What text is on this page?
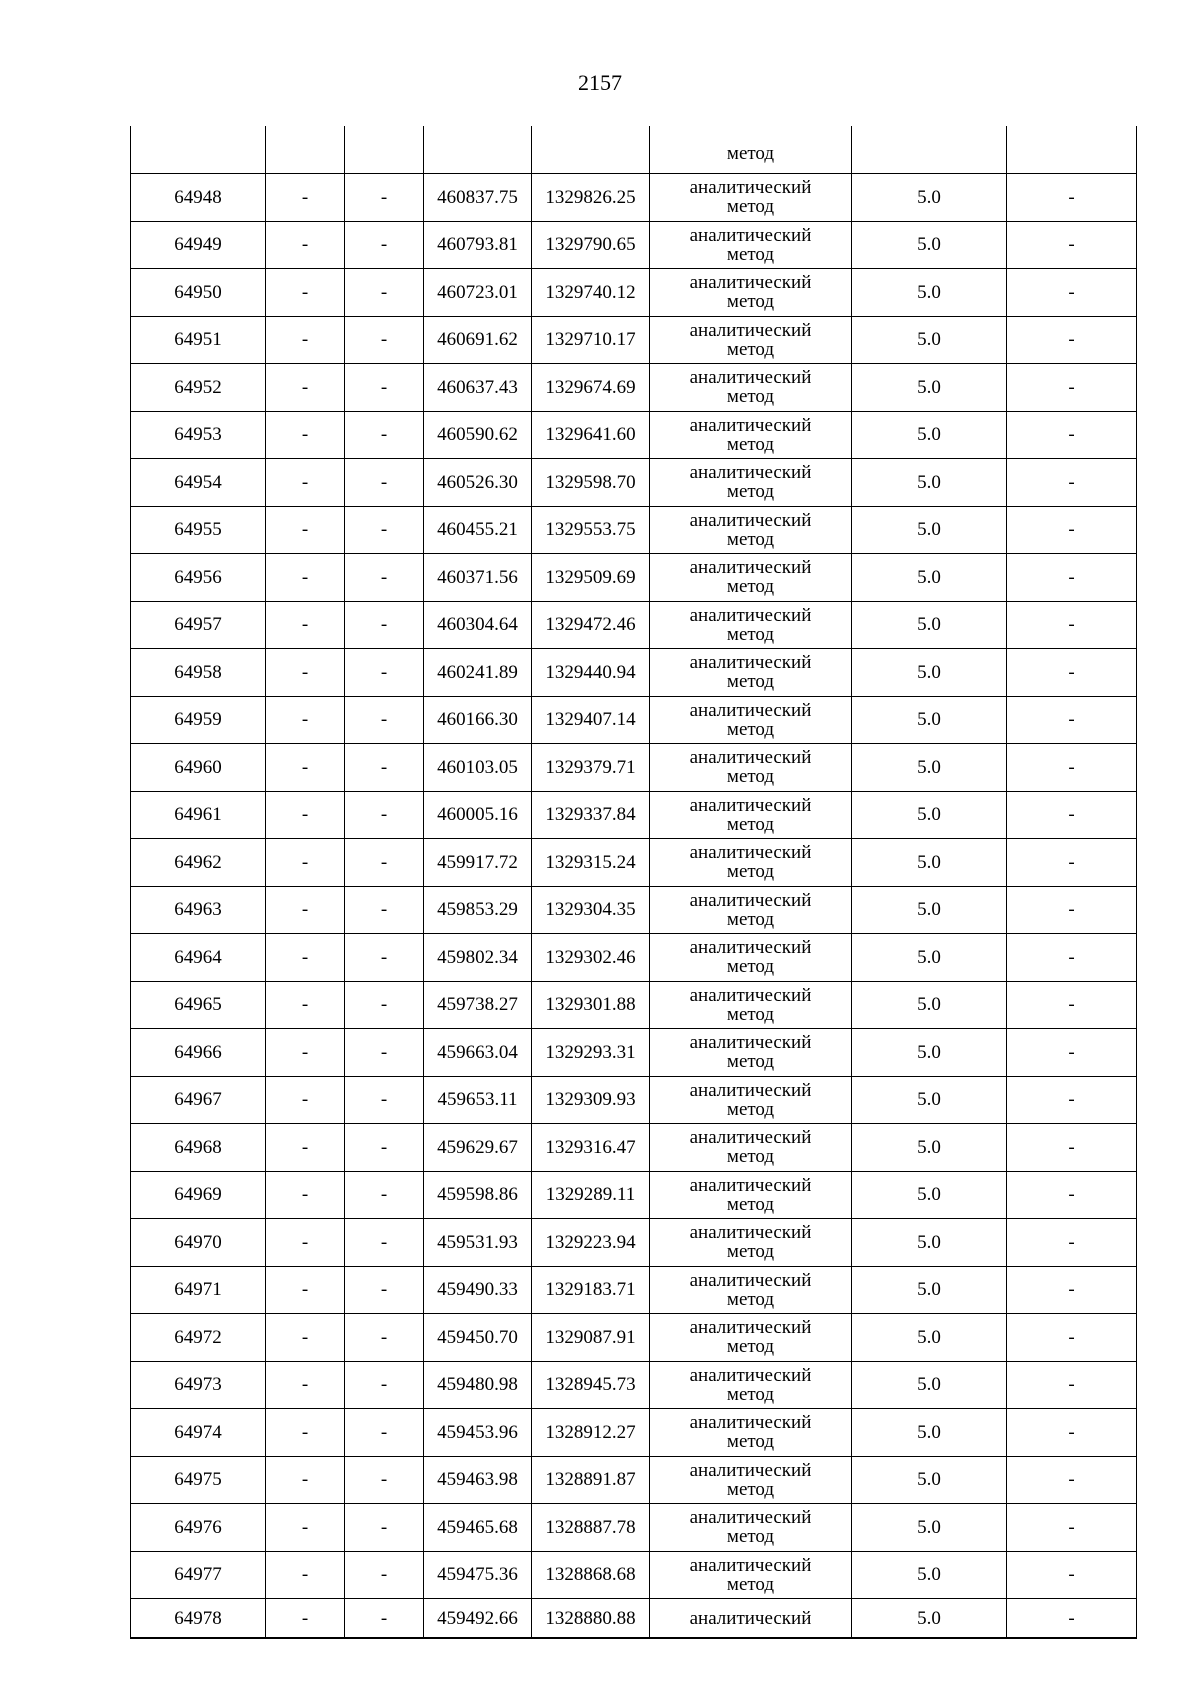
2157
					метод		
64948	-	-	460837.75	1329826.25	аналитический
метод	5.0	-
64949	-	-	460793.81	1329790.65	аналитический
метод	5.0	-
64950	-	-	460723.01	1329740.12	аналитический
метод	5.0	-
64951	-	-	460691.62	1329710.17	аналитический
метод	5.0	-
64952	-	-	460637.43	1329674.69	аналитический
метод	5.0	-
64953	-	-	460590.62	1329641.60	аналитический
метод	5.0	-
64954	-	-	460526.30	1329598.70	аналитический
метод	5.0	-
64955	-	-	460455.21	1329553.75	аналитический
метод	5.0	-
64956	-	-	460371.56	1329509.69	аналитический
метод	5.0	-
64957	-	-	460304.64	1329472.46	аналитический
метод	5.0	-
64958	-	-	460241.89	1329440.94	аналитический
метод	5.0	-
64959	-	-	460166.30	1329407.14	аналитический
метод	5.0	-
64960	-	-	460103.05	1329379.71	аналитический
метод	5.0	-
64961	-	-	460005.16	1329337.84	аналитический
метод	5.0	-
64962	-	-	459917.72	1329315.24	аналитический
метод	5.0	-
64963	-	-	459853.29	1329304.35	аналитический
метод	5.0	-
64964	-	-	459802.34	1329302.46	аналитический
метод	5.0	-
64965	-	-	459738.27	1329301.88	аналитический
метод	5.0	-
64966	-	-	459663.04	1329293.31	аналитический
метод	5.0	-
64967	-	-	459653.11	1329309.93	аналитический
метод	5.0	-
64968	-	-	459629.67	1329316.47	аналитический
метод	5.0	-
64969	-	-	459598.86	1329289.11	аналитический
метод	5.0	-
64970	-	-	459531.93	1329223.94	аналитический
метод	5.0	-
64971	-	-	459490.33	1329183.71	аналитический
метод	5.0	-
64972	-	-	459450.70	1329087.91	аналитический
метод	5.0	-
64973	-	-	459480.98	1328945.73	аналитический
метод	5.0	-
64974	-	-	459453.96	1328912.27	аналитический
метод	5.0	-
64975	-	-	459463.98	1328891.87	аналитический
метод	5.0	-
64976	-	-	459465.68	1328887.78	аналитический
метод	5.0	-
64977	-	-	459475.36	1328868.68	аналитический
метод	5.0	-
64978	-	-	459492.66	1328880.88	аналитический	5.0	-
